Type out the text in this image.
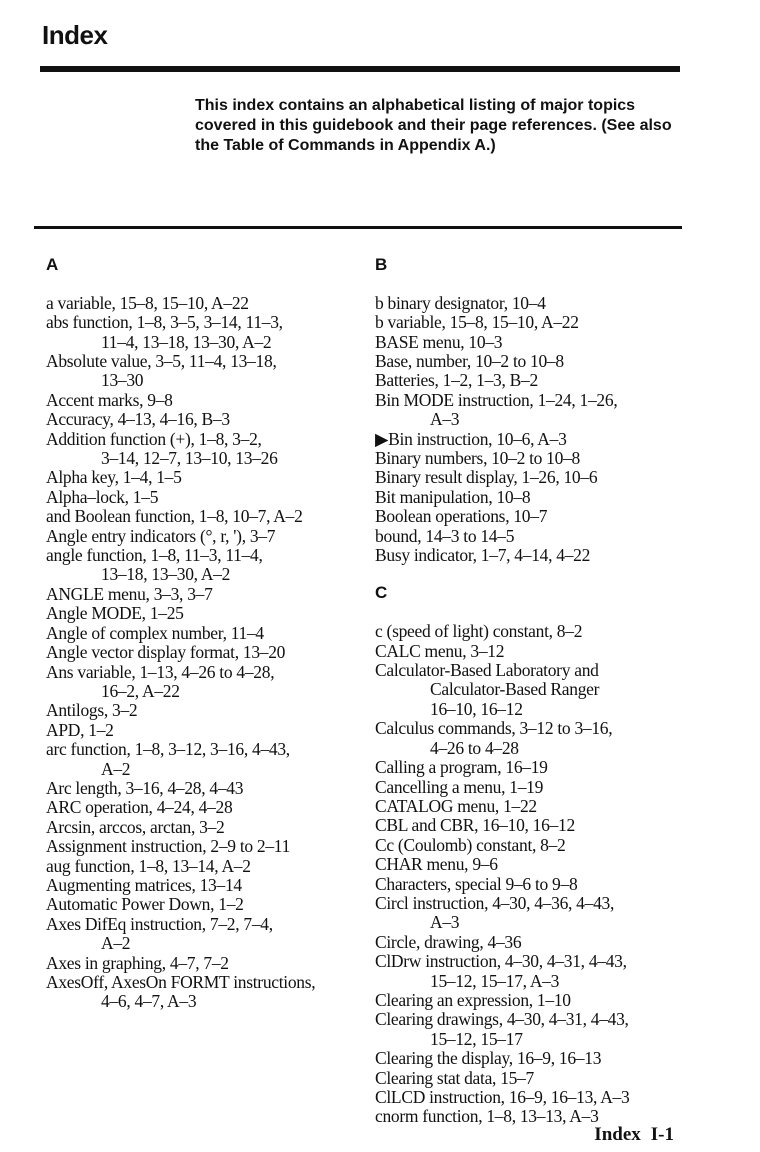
Index

This index contains an alphabetical listing of major topics covered in this guidebook and their page references. (See also the Table of Commands in Appendix A.)

A
a variable, 15–8, 15–10, A–22
abs function, 1–8, 3–5, 3–14, 11–3,
11–4, 13–18, 13–30, A–2
Absolute value, 3–5, 11–4, 13–18,
13–30
Accent marks, 9–8
Accuracy, 4–13, 4–16, B–3
Addition function (+), 1–8, 3–2,
3–14, 12–7, 13–10, 13–26
Alpha key, 1–4, 1–5
Alpha–lock, 1–5
and Boolean function, 1–8, 10–7, A–2
Angle entry indicators (°, r, '), 3–7
angle function, 1–8, 11–3, 11–4,
13–18, 13–30, A–2
ANGLE menu, 3–3, 3–7
Angle MODE, 1–25
Angle of complex number, 11–4
Angle vector display format, 13–20
Ans variable, 1–13, 4–26 to 4–28,
16–2, A–22
Antilogs, 3–2
APD, 1–2
arc function, 1–8, 3–12, 3–16, 4–43,
A–2
Arc length, 3–16, 4–28, 4–43
ARC operation, 4–24, 4–28
Arcsin, arccos, arctan, 3–2
Assignment instruction, 2–9 to 2–11
aug function, 1–8, 13–14, A–2
Augmenting matrices, 13–14
Automatic Power Down, 1–2
Axes DifEq instruction, 7–2, 7–4,
A–2
Axes in graphing, 4–7, 7–2
AxesOff, AxesOn FORMT instructions,
4–6, 4–7, A–3
B
b binary designator, 10–4
b variable, 15–8, 15–10, A–22
BASE menu, 10–3
Base, number, 10–2 to 10–8
Batteries, 1–2, 1–3, B–2
Bin MODE instruction, 1–24, 1–26,
A–3
▶Bin instruction, 10–6, A–3
Binary numbers, 10–2 to 10–8
Binary result display, 1–26, 10–6
Bit manipulation, 10–8
Boolean operations, 10–7
bound, 14–3 to 14–5
Busy indicator, 1–7, 4–14, 4–22
C
c (speed of light) constant, 8–2
CALC menu, 3–12
Calculator-Based Laboratory and
Calculator-Based Ranger
16–10, 16–12
Calculus commands, 3–12 to 3–16,
4–26 to 4–28
Calling a program, 16–19
Cancelling a menu, 1–19
CATALOG menu, 1–22
CBL and CBR, 16–10, 16–12
Cc (Coulomb) constant, 8–2
CHAR menu, 9–6
Characters, special 9–6 to 9–8
Circl instruction, 4–30, 4–36, 4–43,
A–3
Circle, drawing, 4–36
ClDrw instruction, 4–30, 4–31, 4–43,
15–12, 15–17, A–3
Clearing an expression, 1–10
Clearing drawings, 4–30, 4–31, 4–43,
15–12, 15–17
Clearing the display, 16–9, 16–13
Clearing stat data, 15–7
ClLCD instruction, 16–9, 16–13, A–3
cnorm function, 1–8, 13–13, A–3
Index I-1
